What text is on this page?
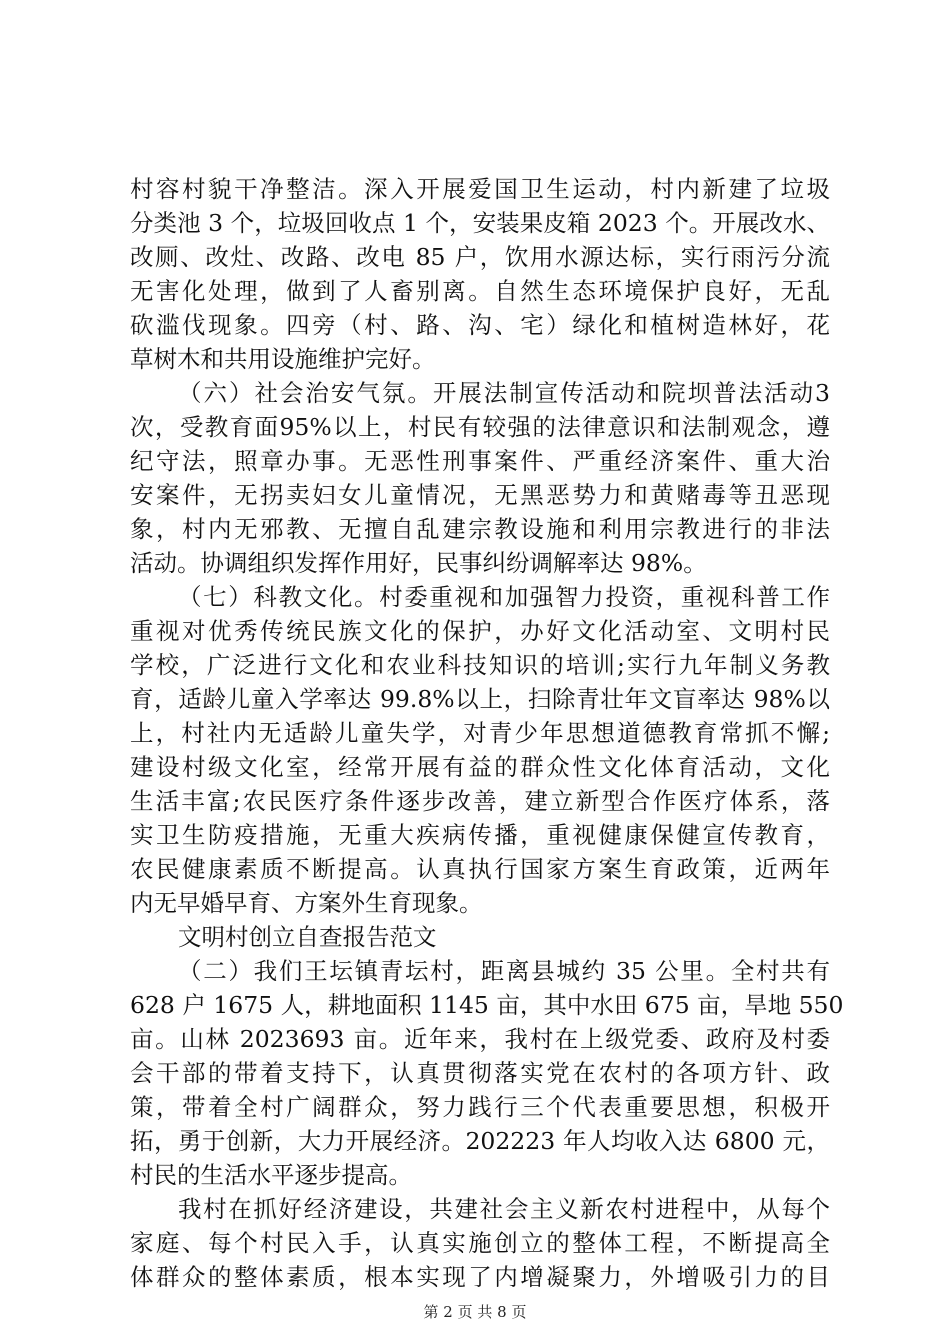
村容村貌干净整洁。深入开展爱国卫生运动，村内新建了垃圾
分类池 3 个，垃圾回收点 1 个，安装果皮箱 2023 个。开展改水、
改厕、改灶、改路、改电 85 户，饮用水源达标，实行雨污分流
无害化处理，做到了人畜别离。自然生态环境保护良好，无乱
砍滥伐现象。四旁（村、路、沟、宅）绿化和植树造林好，花
草树木和共用设施维护完好。
（六）社会治安气氛。开展法制宣传活动和院坝普法活动3
次，受教育面95%以上，村民有较强的法律意识和法制观念，遵
纪守法，照章办事。无恶性刑事案件、严重经济案件、重大治
安案件，无拐卖妇女儿童情况，无黑恶势力和黄赌毒等丑恶现
象，村内无邪教、无擅自乱建宗教设施和利用宗教进行的非法
活动。协调组织发挥作用好，民事纠纷调解率达 98%。
（七）科教文化。村委重视和加强智力投资，重视科普工作
重视对优秀传统民族文化的保护，办好文化活动室、文明村民
学校，广泛进行文化和农业科技知识的培训;实行九年制义务教
育，适龄儿童入学率达 99.8%以上，扫除青壮年文盲率达 98%以
上，村社内无适龄儿童失学，对青少年思想道德教育常抓不懈;
建设村级文化室，经常开展有益的群众性文化体育活动，文化
生活丰富;农民医疗条件逐步改善，建立新型合作医疗体系，落
实卫生防疫措施，无重大疾病传播，重视健康保健宣传教育，
农民健康素质不断提高。认真执行国家方案生育政策，近两年
内无早婚早育、方案外生育现象。
文明村创立自查报告范文
（二）我们王坛镇青坛村，距离县城约 35 公里。全村共有
628 户 1675 人，耕地面积 1145 亩，其中水田 675 亩，旱地 550
亩。山林 2023693 亩。近年来，我村在上级党委、政府及村委
会干部的带着支持下，认真贯彻落实党在农村的各项方针、政
策，带着全村广阔群众，努力践行三个代表重要思想，积极开
拓，勇于创新，大力开展经济。202223 年人均收入达 6800 元，
村民的生活水平逐步提高。
我村在抓好经济建设，共建社会主义新农村进程中，从每个
家庭、每个村民入手，认真实施创立的整体工程，不断提高全
体群众的整体素质，根本实现了内增凝聚力，外增吸引力的目
第 2 页 共 8 页
